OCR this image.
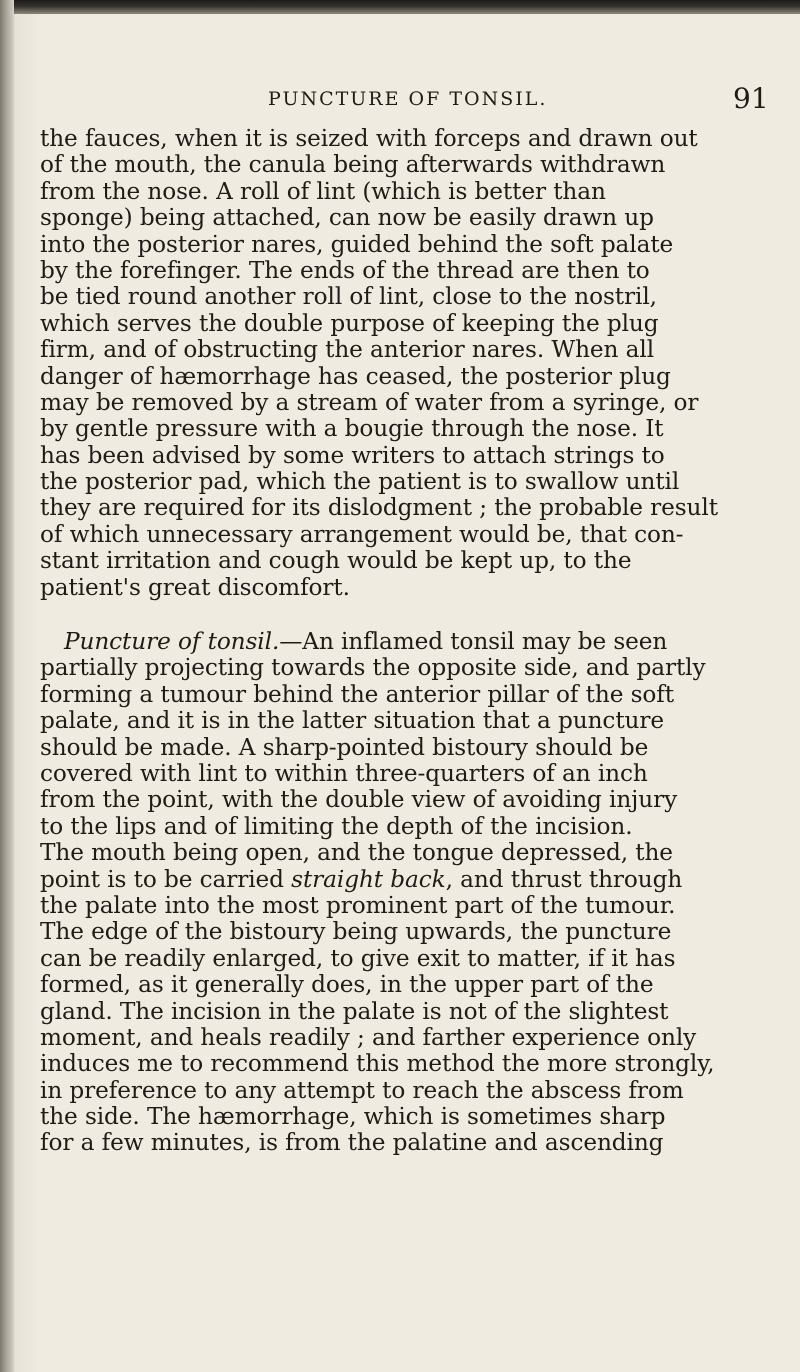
PUNCTURE OF TONSIL.	91
the fauces, when it is seized with forceps and drawn out
of the mouth, the canula being afterwards withdrawn
from the nose. A roll of lint (which is better than
sponge) being attached, can now be easily drawn up
into the posterior nares, guided behind the soft palate
by the forefinger. The ends of the thread are then to
be tied round another roll of lint, close to the nostril,
which serves the double purpose of keeping the plug
firm, and of obstructing the anterior nares. When all
danger of hæmorrhage has ceased, the posterior plug
may be removed by a stream of water from a syringe, or
by gentle pressure with a bougie through the nose. It
has been advised by some writers to attach strings to
the posterior pad, which the patient is to swallow until
they are required for its dislodgment ; the probable result
of which unnecessary arrangement would be, that con-
stant irritation and cough would be kept up, to the
patient's great discomfort.
Puncture of tonsil.—An inflamed tonsil may be seen
partially projecting towards the opposite side, and partly
forming a tumour behind the anterior pillar of the soft
palate, and it is in the latter situation that a puncture
should be made. A sharp-pointed bistoury should be
covered with lint to within three-quarters of an inch
from the point, with the double view of avoiding injury
to the lips and of limiting the depth of the incision.
The mouth being open, and the tongue depressed, the
point is to be carried straight back, and thrust through
the palate into the most prominent part of the tumour.
The edge of the bistoury being upwards, the puncture
can be readily enlarged, to give exit to matter, if it has
formed, as it generally does, in the upper part of the
gland. The incision in the palate is not of the slightest
moment, and heals readily ; and farther experience only
induces me to recommend this method the more strongly,
in preference to any attempt to reach the abscess from
the side. The hæmorrhage, which is sometimes sharp
for a few minutes, is from the palatine and ascending
